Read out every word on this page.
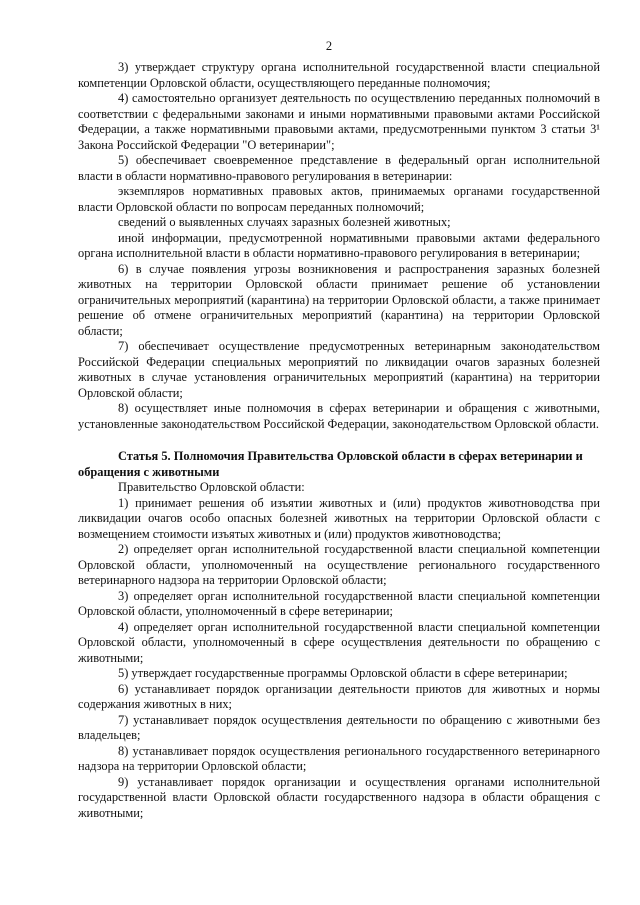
2

3) утверждает структуру органа исполнительной государственной власти специальной компетенции Орловской области, осуществляющего переданные полномочия;

4) самостоятельно организует деятельность по осуществлению переданных полномочий в соответствии с федеральными законами и иными нормативными правовыми актами Российской Федерации, а также нормативными правовыми актами, предусмотренными пунктом 3 статьи 3¹ Закона Российской Федерации "О ветеринарии";

5) обеспечивает своевременное представление в федеральный орган исполнительной власти в области нормативно-правового регулирования в ветеринарии:

экземпляров нормативных правовых актов, принимаемых органами государственной власти Орловской области по вопросам переданных полномочий;

сведений о выявленных случаях заразных болезней животных;

иной информации, предусмотренной нормативными правовыми актами федерального органа исполнительной власти в области нормативно-правового регулирования в ветеринарии;

6) в случае появления угрозы возникновения и распространения заразных болезней животных на территории Орловской области принимает решение об установлении ограничительных мероприятий (карантина) на территории Орловской области, а также принимает решение об отмене ограничительных мероприятий (карантина) на территории Орловской области;

7) обеспечивает осуществление предусмотренных ветеринарным законодательством Российской Федерации специальных мероприятий по ликвидации очагов заразных болезней животных в случае установления ограничительных мероприятий (карантина) на территории Орловской области;

8) осуществляет иные полномочия в сферах ветеринарии и обращения с животными, установленные законодательством Российской Федерации, законодательством Орловской области.

Статья 5. Полномочия Правительства Орловской области в сферах ветеринарии и обращения с животными

Правительство Орловской области:

1) принимает решения об изъятии животных и (или) продуктов животноводства при ликвидации очагов особо опасных болезней животных на территории Орловской области с возмещением стоимости изъятых животных и (или) продуктов животноводства;

2) определяет орган исполнительной государственной власти специальной компетенции Орловской области, уполномоченный на осуществление регионального государственного ветеринарного надзора на территории Орловской области;

3) определяет орган исполнительной государственной власти специальной компетенции Орловской области, уполномоченный в сфере ветеринарии;

4) определяет орган исполнительной государственной власти специальной компетенции Орловской области, уполномоченный в сфере осуществления деятельности по обращению с животными;

5) утверждает государственные программы Орловской области в сфере ветеринарии;

6) устанавливает порядок организации деятельности приютов для животных и нормы содержания животных в них;

7) устанавливает порядок осуществления деятельности по обращению с животными без владельцев;

8) устанавливает порядок осуществления регионального государственного ветеринарного надзора на территории Орловской области;

9) устанавливает порядок организации и осуществления органами исполнительной государственной власти Орловской области государственного надзора в области обращения с животными;
